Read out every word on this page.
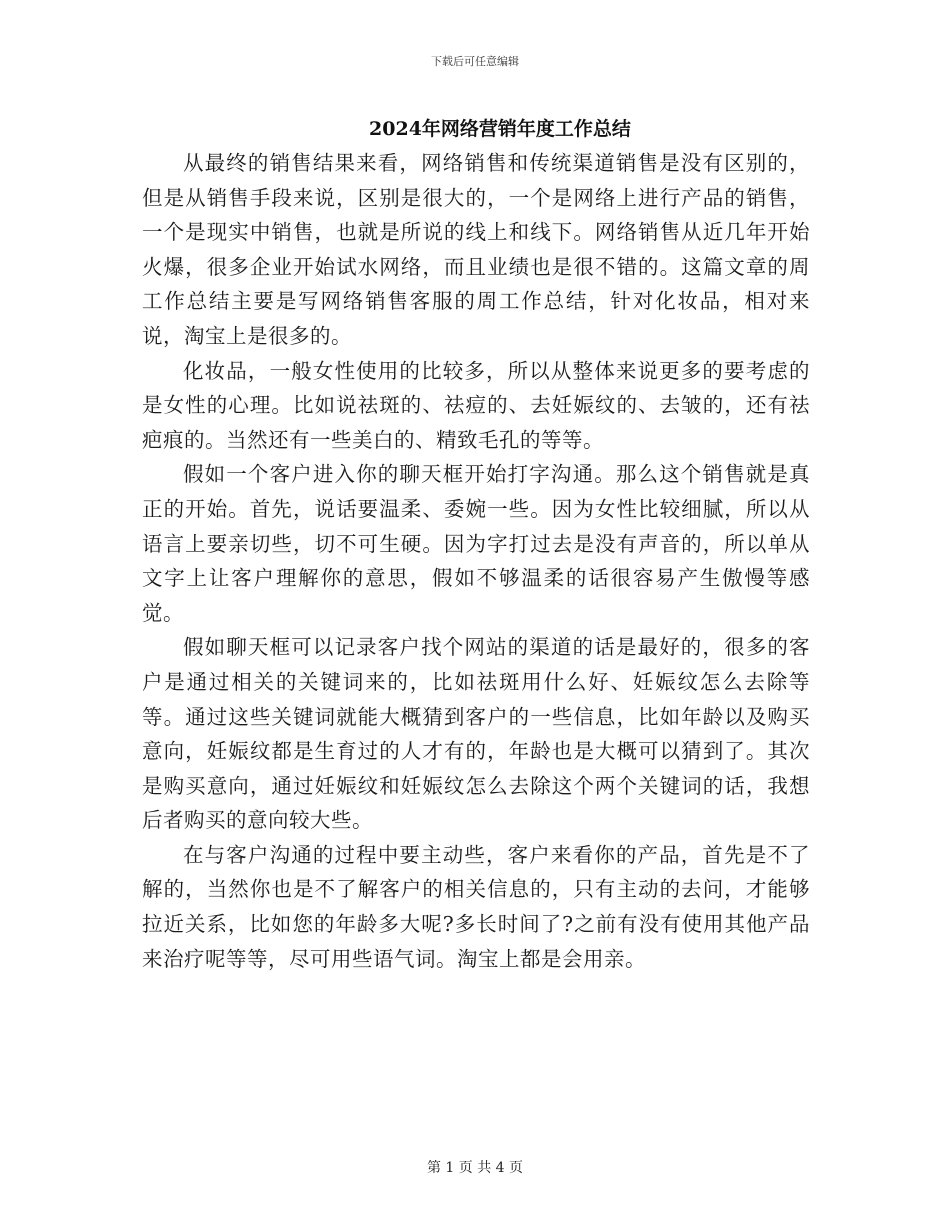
下载后可任意编辑
2024年网络营销年度工作总结

从最终的销售结果来看，网络销售和传统渠道销售是没有区别的，但是从销售手段来说，区别是很大的，一个是网络上进行产品的销售，一个是现实中销售，也就是所说的线上和线下。网络销售从近几年开始火爆，很多企业开始试水网络，而且业绩也是很不错的。这篇文章的周工作总结主要是写网络销售客服的周工作总结，针对化妆品，相对来说，淘宝上是很多的。

化妆品，一般女性使用的比较多，所以从整体来说更多的要考虑的是女性的心理。比如说祛斑的、祛痘的、去妊娠纹的、去皱的，还有祛疤痕的。当然还有一些美白的、精致毛孔的等等。

假如一个客户进入你的聊天框开始打字沟通。那么这个销售就是真正的开始。首先，说话要温柔、委婉一些。因为女性比较细腻，所以从语言上要亲切些，切不可生硬。因为字打过去是没有声音的，所以单从文字上让客户理解你的意思，假如不够温柔的话很容易产生傲慢等感觉。

假如聊天框可以记录客户找个网站的渠道的话是最好的，很多的客户是通过相关的关键词来的，比如祛斑用什么好、妊娠纹怎么去除等等。通过这些关键词就能大概猜到客户的一些信息，比如年龄以及购买意向，妊娠纹都是生育过的人才有的，年龄也是大概可以猜到了。其次是购买意向，通过妊娠纹和妊娠纹怎么去除这个两个关键词的话，我想后者购买的意向较大些。

在与客户沟通的过程中要主动些，客户来看你的产品，首先是不了解的，当然你也是不了解客户的相关信息的，只有主动的去问，才能够拉近关系，比如您的年龄多大呢?多长时间了?之前有没有使用其他产品来治疗呢等等，尽可用些语气词。淘宝上都是会用亲。

第 1 页 共 4 页
